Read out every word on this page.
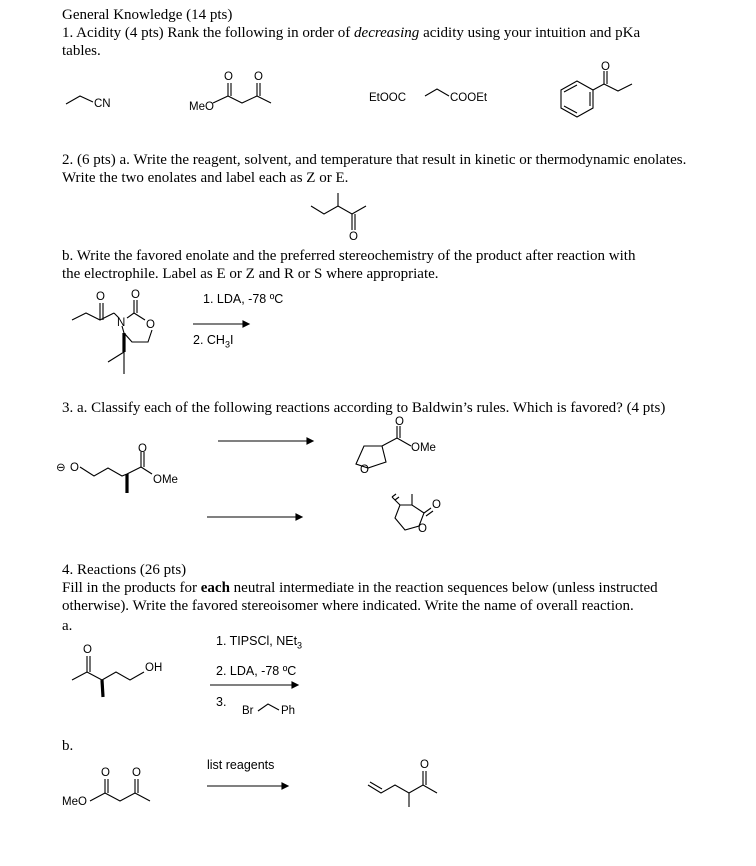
General Knowledge (14 pts)
1. Acidity (4 pts) Rank the following in order of decreasing acidity using your intuition and pKa
tables.
CN	MeO
O O
EtOOC	COOEt
O
2. (6 pts) a. Write the reagent, solvent, and temperature that result in kinetic or thermodynamic enolates.
Write the two enolates and label each as Z or E.
O
b. Write the favored enolate and the preferred stereochemistry of the product after reaction with
the electrophile. Label as E or Z and R or S where appropriate.
O O
N O
1. LDA, -78 ºC
2. $CH_3I$
3. a. Classify each of the following reactions according to Baldwin’s rules. Which is favored? (4 pts)
⊖ O
O
OMe
O
OMe
O
O
O
4. Reactions (26 pts)
Fill in the products for each neutral intermediate in the reaction sequences below (unless instructed
otherwise). Write the favored stereoisomer where indicated. Write the name of overall reaction.
a.
O
OH
1. TIPSCl, NEt$_3$
2. LDA, -78 ºC
3.
Br Ph
b.
list reagents
O O
MeO
O
